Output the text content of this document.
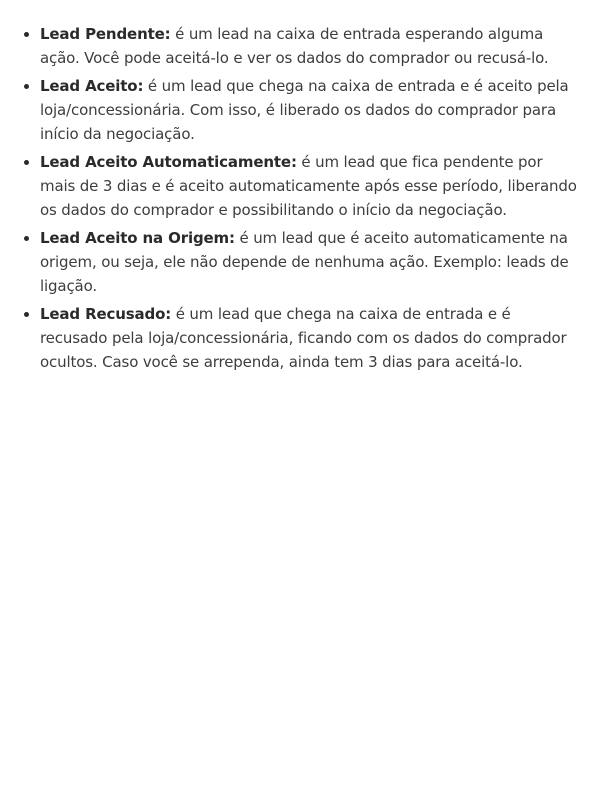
• Lead Pendente: é um lead na caixa de entrada esperando alguma ação. Você pode aceitá-lo e ver os dados do comprador ou recusá-lo.
• Lead Aceito: é um lead que chega na caixa de entrada e é aceito pela loja/concessionária. Com isso, é liberado os dados do comprador para início da negociação.
• Lead Aceito Automaticamente: é um lead que fica pendente por mais de 3 dias e é aceito automaticamente após esse período, liberando os dados do comprador e possibilitando o início da negociação.
• Lead Aceito na Origem: é um lead que é aceito automaticamente na origem, ou seja, ele não depende de nenhuma ação. Exemplo: leads de ligação.
• Lead Recusado: é um lead que chega na caixa de entrada e é recusado pela loja/concessionária, ficando com os dados do comprador ocultos. Caso você se arrependa, ainda tem 3 dias para aceitá-lo.
